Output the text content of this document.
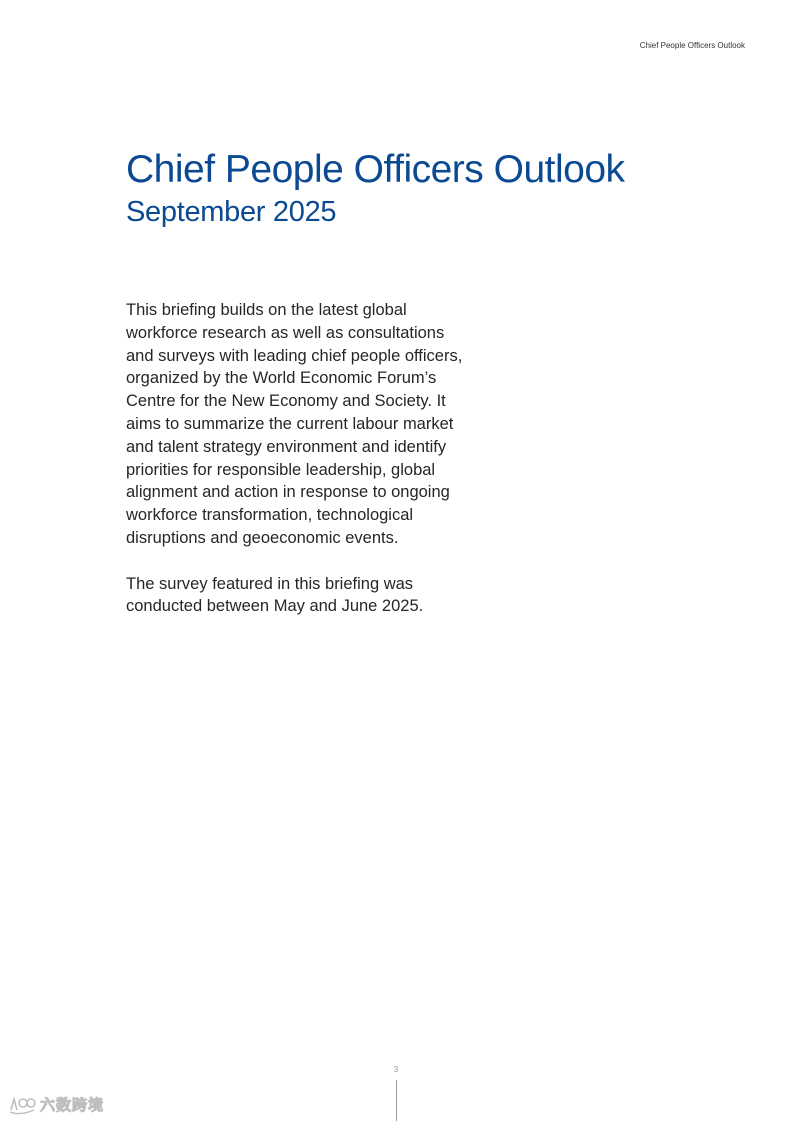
Chief People Officers Outlook
Chief People Officers Outlook
September 2025

This briefing builds on the latest global workforce research as well as consultations and surveys with leading chief people officers, organized by the World Economic Forum’s Centre for the New Economy and Society. It aims to summarize the current labour market and talent strategy environment and identify priorities for responsible leadership, global alignment and action in response to ongoing workforce transformation, technological disruptions and geoeconomic events.

The survey featured in this briefing was conducted between May and June 2025.

3
六数跨境
